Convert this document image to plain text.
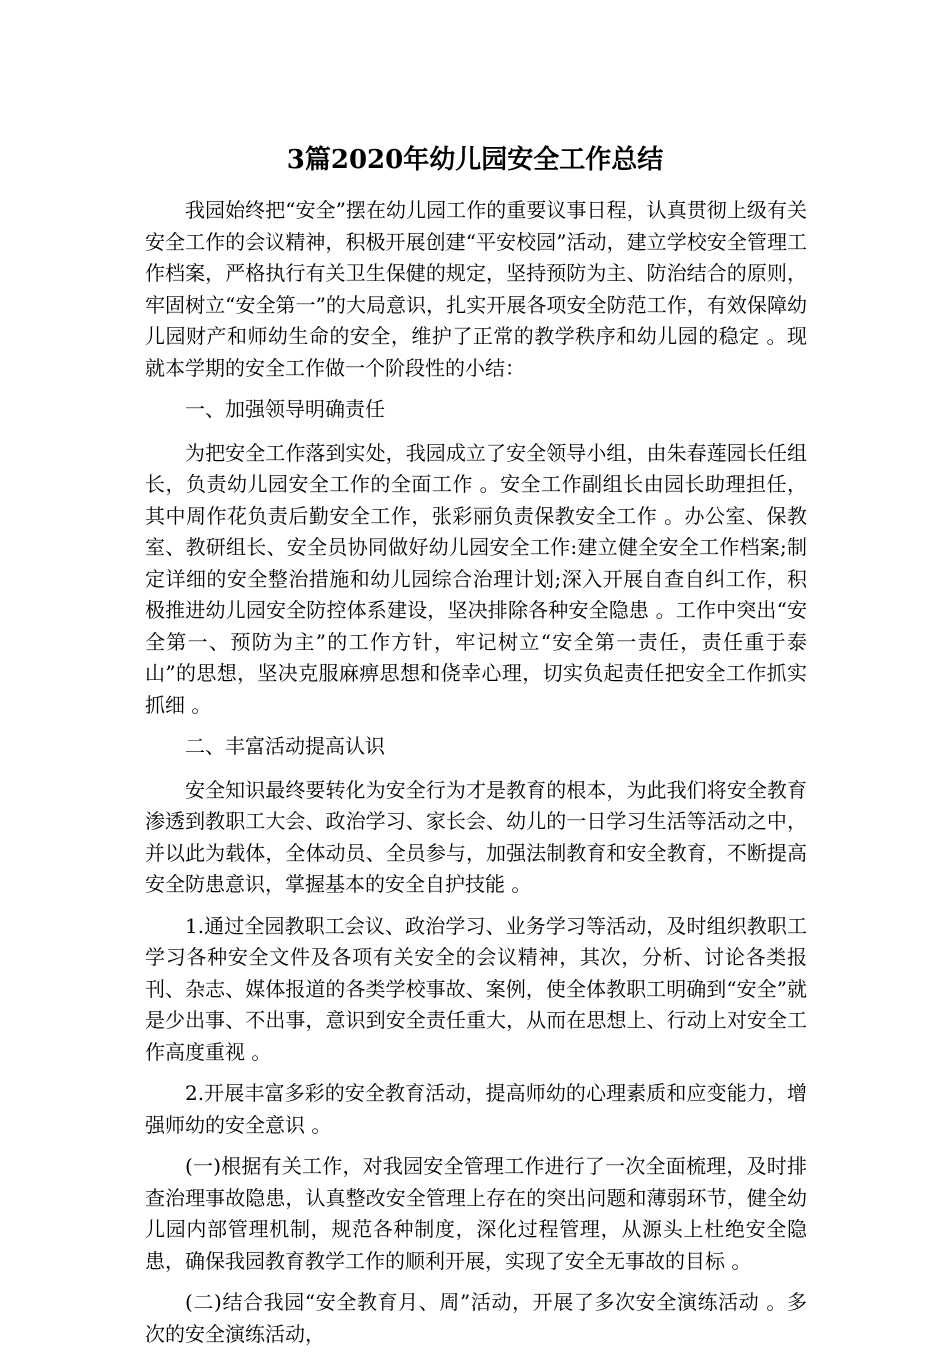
3篇2020年幼儿园安全工作总结

我园始终把“安全”摆在幼儿园工作的重要议事日程，认真贯彻上级有关安全工作的会议精神，积极开展创建“平安校园”活动，建立学校安全管理工作档案，严格执行有关卫生保健的规定，坚持预防为主、防治结合的原则，牢固树立“安全第一”的大局意识，扎实开展各项安全防范工作，有效保障幼儿园财产和师幼生命的安全，维护了正常的教学秩序和幼儿园的稳定 。现就本学期的安全工作做一个阶段性的小结：

一、加强领导明确责任

为把安全工作落到实处，我园成立了安全领导小组，由朱春莲园长任组长，负责幼儿园安全工作的全面工作 。安全工作副组长由园长助理担任，其中周作花负责后勤安全工作，张彩丽负责保教安全工作 。办公室、保教室、教研组长、安全员协同做好幼儿园安全工作:建立健全安全工作档案;制定详细的安全整治措施和幼儿园综合治理计划;深入开展自查自纠工作，积极推进幼儿园安全防控体系建设，坚决排除各种安全隐患 。工作中突出“安全第一、预防为主”的工作方针，牢记树立“安全第一责任，责任重于泰山”的思想，坚决克服麻痹思想和侥幸心理，切实负起责任把安全工作抓实抓细 。

二、丰富活动提高认识

安全知识最终要转化为安全行为才是教育的根本，为此我们将安全教育渗透到教职工大会、政治学习、家长会、幼儿的一日学习生活等活动之中，并以此为载体，全体动员、全员参与，加强法制教育和安全教育，不断提高安全防患意识，掌握基本的安全自护技能 。

1.通过全园教职工会议、政治学习、业务学习等活动，及时组织教职工学习各种安全文件及各项有关安全的会议精神，其次，分析、讨论各类报刊、杂志、媒体报道的各类学校事故、案例，使全体教职工明确到“安全”就是少出事、不出事，意识到安全责任重大，从而在思想上、行动上对安全工作高度重视 。

2.开展丰富多彩的安全教育活动，提高师幼的心理素质和应变能力，增强师幼的安全意识 。

(一)根据有关工作，对我园安全管理工作进行了一次全面梳理，及时排查治理事故隐患，认真整改安全管理上存在的突出问题和薄弱环节，健全幼儿园内部管理机制，规范各种制度，深化过程管理，从源头上杜绝安全隐患，确保我园教育教学工作的顺利开展，实现了安全无事故的目标 。

(二)结合我园“安全教育月、周”活动，开展了多次安全演练活动 。多次的安全演练活动，
